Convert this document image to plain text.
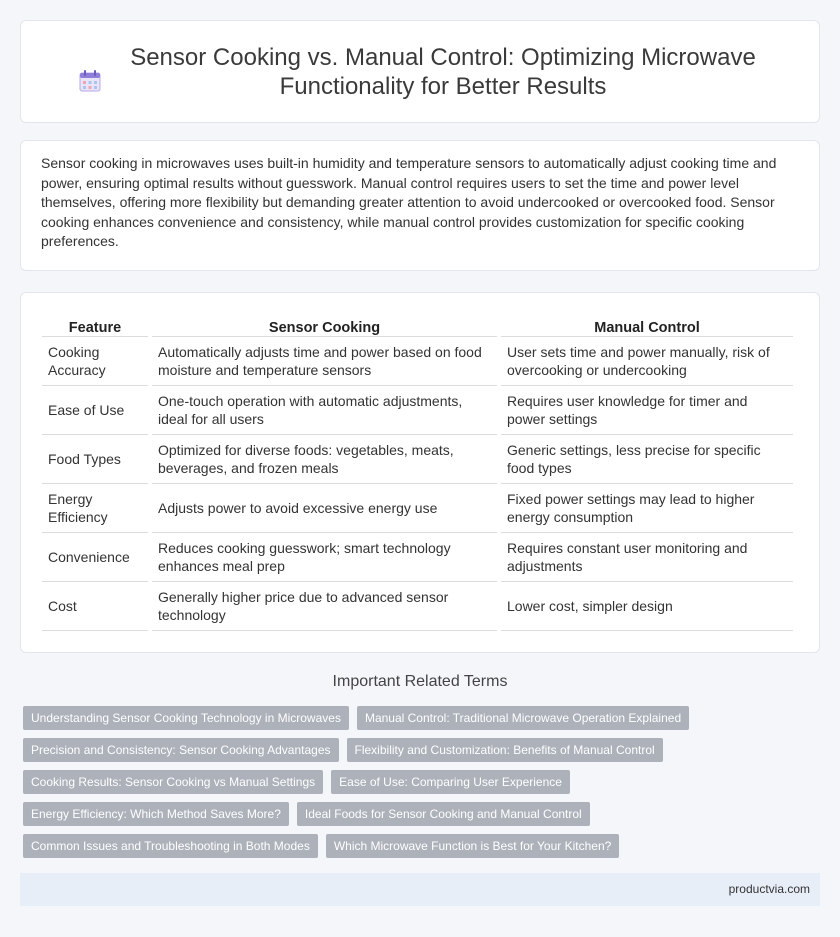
Sensor Cooking vs. Manual Control: Optimizing Microwave Functionality for Better Results

Sensor cooking in microwaves uses built-in humidity and temperature sensors to automatically adjust cooking time and power, ensuring optimal results without guesswork. Manual control requires users to set the time and power level themselves, offering more flexibility but demanding greater attention to avoid undercooked or overcooked food. Sensor cooking enhances convenience and consistency, while manual control provides customization for specific cooking preferences.

Feature	Sensor Cooking	Manual Control
Cooking Accuracy	Automatically adjusts time and power based on food moisture and temperature sensors	User sets time and power manually, risk of overcooking or undercooking
Ease of Use	One-touch operation with automatic adjustments, ideal for all users	Requires user knowledge for timer and power settings
Food Types	Optimized for diverse foods: vegetables, meats, beverages, and frozen meals	Generic settings, less precise for specific food types
Energy Efficiency	Adjusts power to avoid excessive energy use	Fixed power settings may lead to higher energy consumption
Convenience	Reduces cooking guesswork; smart technology enhances meal prep	Requires constant user monitoring and adjustments
Cost	Generally higher price due to advanced sensor technology	Lower cost, simpler design
Important Related Terms
Understanding Sensor Cooking Technology in Microwaves	Manual Control: Traditional Microwave Operation Explained
Precision and Consistency: Sensor Cooking Advantages	Flexibility and Customization: Benefits of Manual Control
Cooking Results: Sensor Cooking vs Manual Settings	Ease of Use: Comparing User Experience
Energy Efficiency: Which Method Saves More?	Ideal Foods for Sensor Cooking and Manual Control
Common Issues and Troubleshooting in Both Modes	Which Microwave Function is Best for Your Kitchen?
productvia.com
